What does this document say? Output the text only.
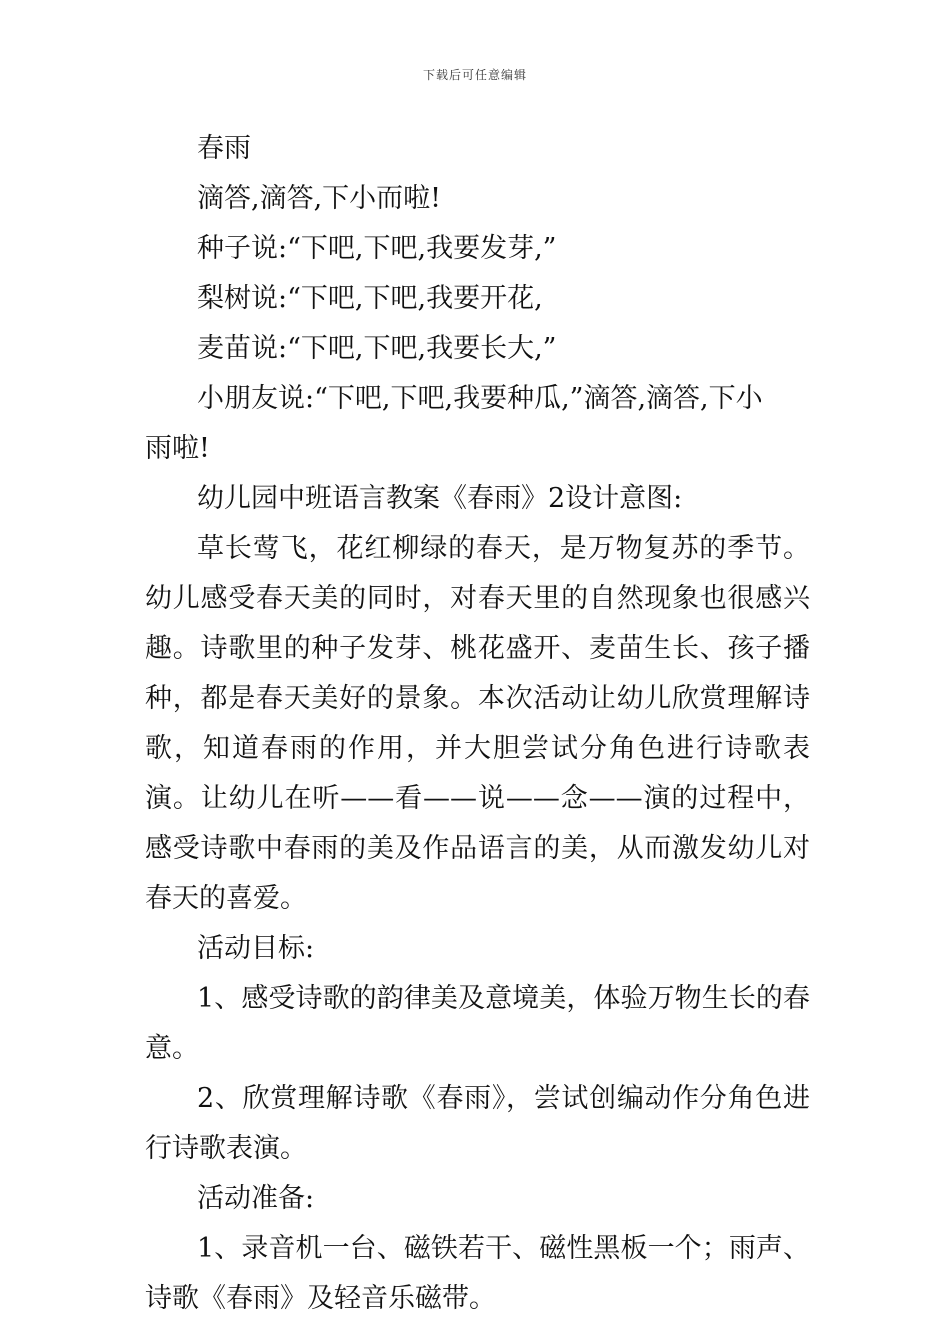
下载后可任意编辑
春雨
滴答,滴答,下小而啦!
种子说:“下吧,下吧,我要发芽,”
梨树说:“下吧,下吧,我要开花,
麦苗说:“下吧,下吧,我要长大,”
小朋友说:“下吧,下吧,我要种瓜,”滴答,滴答,下小
雨啦!
幼儿园中班语言教案《春雨》2设计意图:
草长莺飞，花红柳绿的春天，是万物复苏的季节。幼儿感受春天美的同时，对春天里的自然现象也很感兴趣。诗歌里的种子发芽、桃花盛开、麦苗生长、孩子播种，都是春天美好的景象。本次活动让幼儿欣赏理解诗歌，知道春雨的作用，并大胆尝试分角色进行诗歌表演。让幼儿在听——看——说——念——演的过程中，感受诗歌中春雨的美及作品语言的美，从而激发幼儿对春天的喜爱。
活动目标:
1、感受诗歌的韵律美及意境美，体验万物生长的春意。
2、欣赏理解诗歌《春雨》，尝试创编动作分角色进行诗歌表演。
活动准备:
1、录音机一台、磁铁若干、磁性黑板一个；雨声、诗歌《春雨》及轻音乐磁带。
